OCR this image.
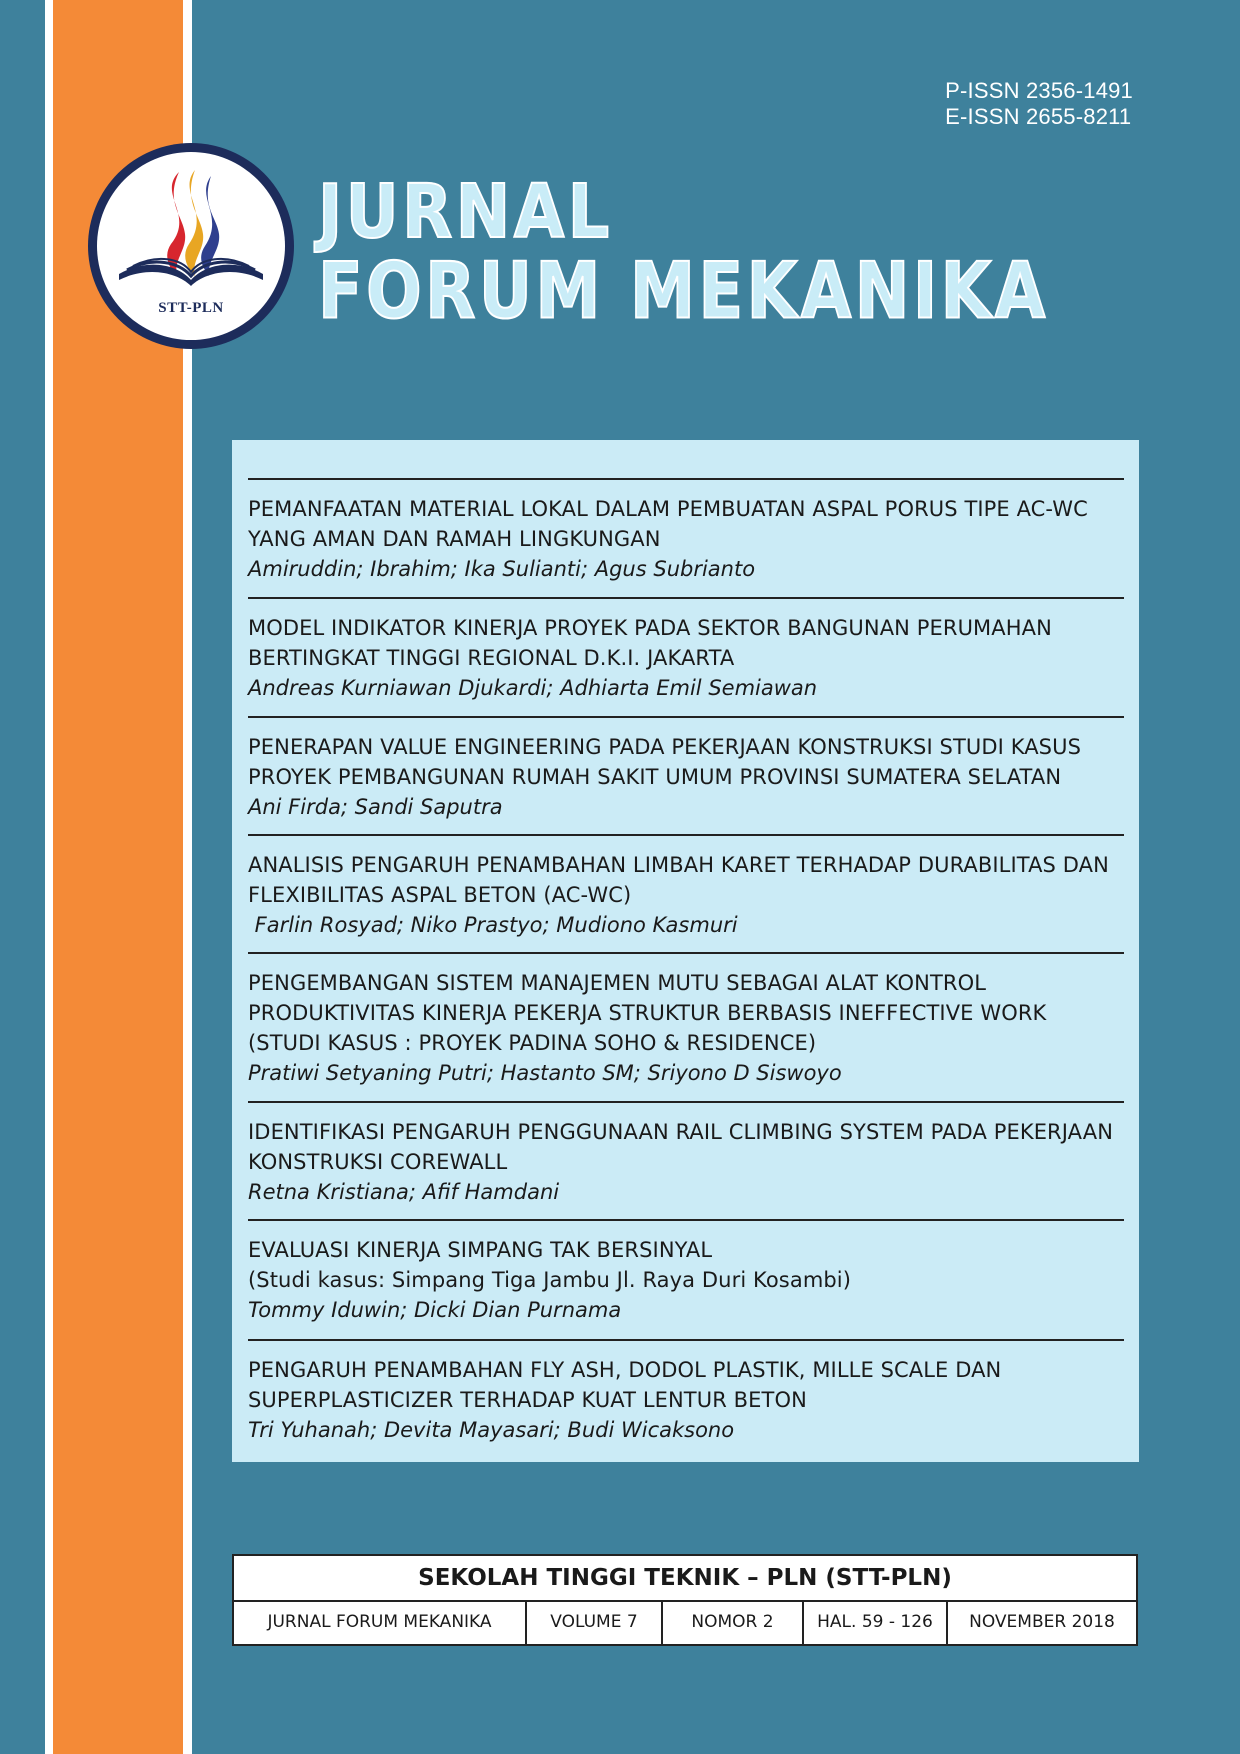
P-ISSN 2356-1491
E-ISSN 2655-8211
STT-PLN
JURNAL
FORUM MEKANIKA
PEMANFAATAN MATERIAL LOKAL DALAM PEMBUATAN ASPAL PORUS TIPE AC-WC
YANG AMAN DAN RAMAH LINGKUNGAN
Amiruddin; Ibrahim; Ika Sulianti; Agus Subrianto
MODEL INDIKATOR KINERJA PROYEK PADA SEKTOR BANGUNAN PERUMAHAN
BERTINGKAT TINGGI REGIONAL D.K.I. JAKARTA
Andreas Kurniawan Djukardi; Adhiarta Emil Semiawan
PENERAPAN VALUE ENGINEERING PADA PEKERJAAN KONSTRUKSI STUDI KASUS
PROYEK PEMBANGUNAN RUMAH SAKIT UMUM PROVINSI SUMATERA SELATAN
Ani Firda; Sandi Saputra
ANALISIS PENGARUH PENAMBAHAN LIMBAH KARET TERHADAP DURABILITAS DAN
FLEXIBILITAS ASPAL BETON (AC-WC)
Farlin Rosyad; Niko Prastyo; Mudiono Kasmuri
PENGEMBANGAN SISTEM MANAJEMEN MUTU SEBAGAI ALAT KONTROL
PRODUKTIVITAS KINERJA PEKERJA STRUKTUR BERBASIS INEFFECTIVE WORK
(STUDI KASUS : PROYEK PADINA SOHO & RESIDENCE)
Pratiwi Setyaning Putri; Hastanto SM; Sriyono D Siswoyo
IDENTIFIKASI PENGARUH PENGGUNAAN RAIL CLIMBING SYSTEM PADA PEKERJAAN
KONSTRUKSI COREWALL
Retna Kristiana; Afif Hamdani
EVALUASI KINERJA SIMPANG TAK BERSINYAL
(Studi kasus: Simpang Tiga Jambu Jl. Raya Duri Kosambi)
Tommy Iduwin; Dicki Dian Purnama
PENGARUH PENAMBAHAN FLY ASH, DODOL PLASTIK, MILLE SCALE DAN
SUPERPLASTICIZER TERHADAP KUAT LENTUR BETON
Tri Yuhanah; Devita Mayasari; Budi Wicaksono
SEKOLAH TINGGI TEKNIK – PLN (STT-PLN)
JURNAL FORUM MEKANIKA	VOLUME 7	NOMOR 2	HAL. 59 - 126	NOVEMBER 2018
